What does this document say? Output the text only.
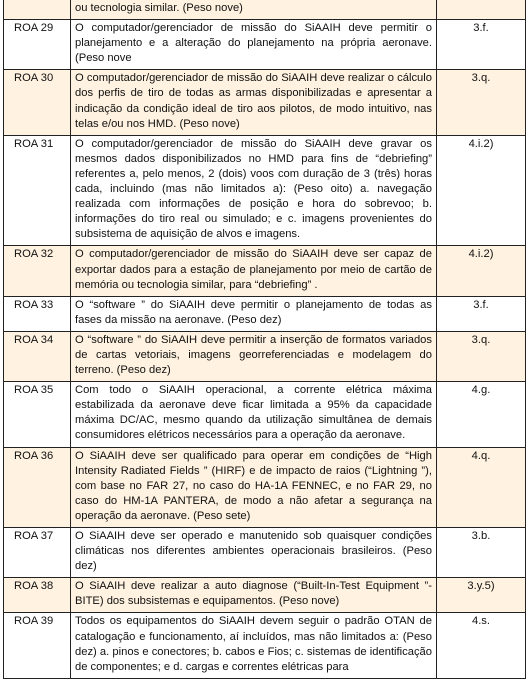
	ou tecnologia similar. (Peso nove)	
ROA 29	O computador/gerenciador de missão do SiAAIH deve permitir o planejamento e a alteração do planejamento na própria aeronave. (Peso nove	3.f.
ROA 30	O computador/gerenciador de missão do SiAAIH deve realizar o cálculo dos perfis de tiro de todas as armas disponibilizadas e apresentar a indicação da condição ideal de tiro aos pilotos, de modo intuitivo, nas telas e/ou nos HMD. (Peso nove)	3.q.
ROA 31	O computador/gerenciador de missão do SiAAIH deve gravar os mesmos dados disponibilizados no HMD para fins de “debriefing” referentes a, pelo menos, 2 (dois) voos com duração de 3 (três) horas cada, incluindo (mas não limitados a): (Peso oito) a. navegação realizada com informações de posição e hora do sobrevoo; b. informações do tiro real ou simulado; e c. imagens provenientes do subsistema de aquisição de alvos e imagens.	4.i.2)
ROA 32	O computador/gerenciador de missão do SiAAIH deve ser capaz de exportar dados para a estação de planejamento por meio de cartão de memória ou tecnologia similar, para “debriefing” .	4.i.2)
ROA 33	O “software ” do SiAAIH deve permitir o planejamento de todas as fases da missão na aeronave. (Peso dez)	3.f.
ROA 34	O “software ” do SiAAIH deve permitir a inserção de formatos variados de cartas vetoriais, imagens georreferenciadas e modelagem do terreno. (Peso dez)	3.q.
ROA 35	Com todo o SiAAIH operacional, a corrente elétrica máxima estabilizada da aeronave deve ficar limitada a 95% da capacidade máxima DC/AC, mesmo quando da utilização simultânea de demais consumidores elétricos necessários para a operação da aeronave.	4.g.
ROA 36	O SiAAIH deve ser qualificado para operar em condições de “High Intensity Radiated Fields ” (HIRF) e de impacto de raios (“Lightning ”), com base no FAR 27, no caso do HA-1A FENNEC, e no FAR 29, no caso do HM-1A PANTERA, de modo a não afetar a segurança na operação da aeronave. (Peso sete)	4.q.
ROA 37	O SiAAIH deve ser operado e manutenido sob quaisquer condições climáticas nos diferentes ambientes operacionais brasileiros. (Peso dez)	3.b.
ROA 38	O SiAAIH deve realizar a auto diagnose (“Built-In-Test Equipment ”-BITE) dos subsistemas e equipamentos. (Peso nove)	3.y.5)
ROA 39	Todos os equipamentos do SiAAIH devem seguir o padrão OTAN de catalogação e funcionamento, aí incluídos, mas não limitados a: (Peso dez) a. pinos e conectores; b. cabos e Fios; c. sistemas de identificação de componentes; e d. cargas e correntes elétricas para	4.s.
